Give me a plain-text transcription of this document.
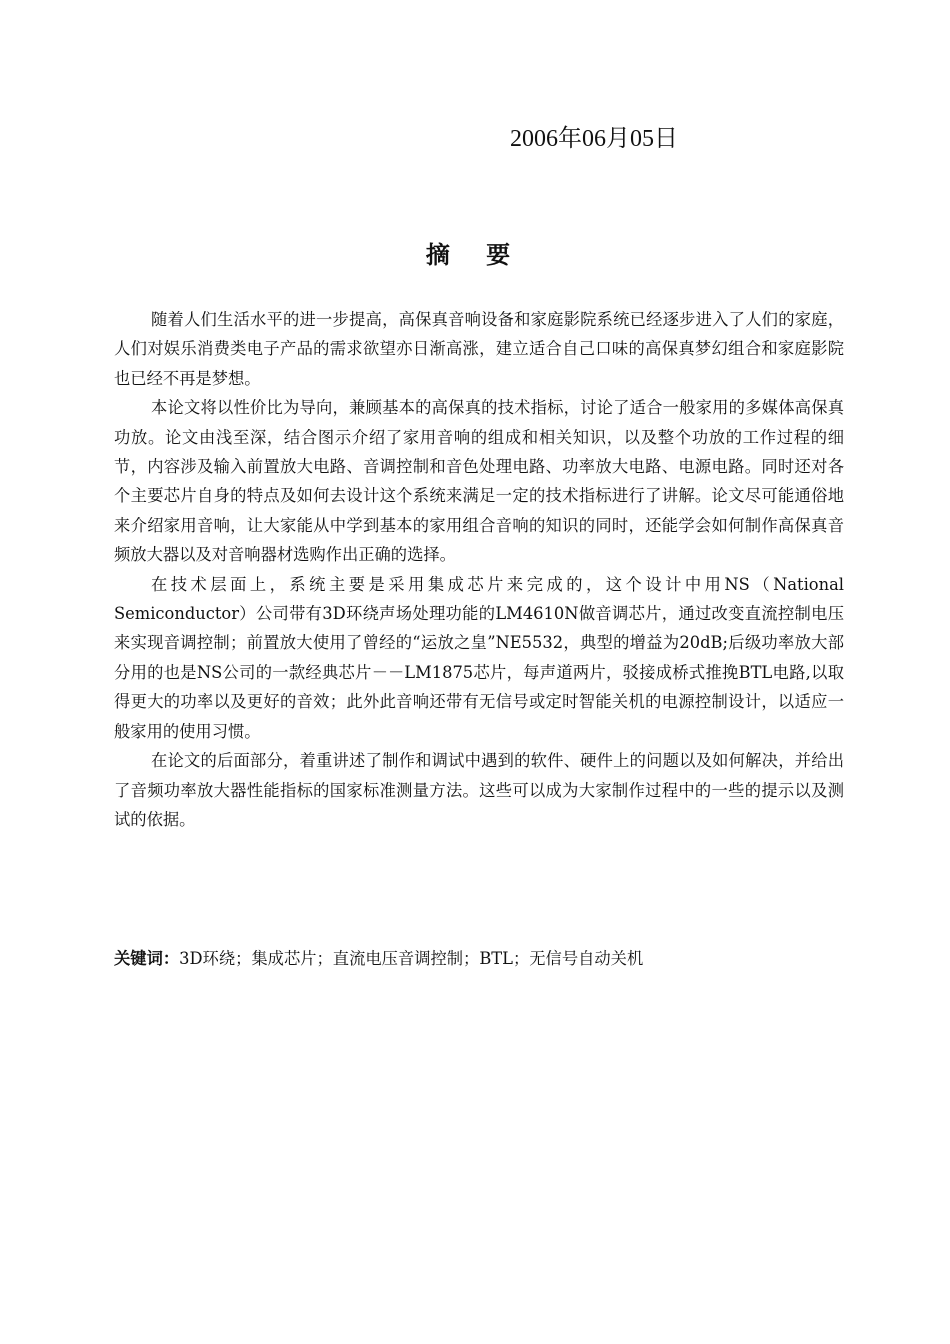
2006年06月05日
摘 要

随着人们生活水平的进一步提高，高保真音响设备和家庭影院系统已经逐步进入了人们的家庭，人们对娱乐消费类电子产品的需求欲望亦日渐高涨，建立适合自己口味的高保真梦幻组合和家庭影院也已经不再是梦想。

本论文将以性价比为导向，兼顾基本的高保真的技术指标，讨论了适合一般家用的多媒体高保真功放。论文由浅至深，结合图示介绍了家用音响的组成和相关知识，以及整个功放的工作过程的细节，内容涉及输入前置放大电路、音调控制和音色处理电路、功率放大电路、电源电路。同时还对各个主要芯片自身的特点及如何去设计这个系统来满足一定的技术指标进行了讲解。论文尽可能通俗地来介绍家用音响，让大家能从中学到基本的家用组合音响的知识的同时，还能学会如何制作高保真音频放大器以及对音响器材选购作出正确的选择。

在技术层面上，系统主要是采用集成芯片来完成的，这个设计中用NS（National Semiconductor）公司带有3D环绕声场处理功能的LM4610N做音调芯片，通过改变直流控制电压来实现音调控制；前置放大使用了曾经的“运放之皇”NE5532，典型的增益为20dB;后级功率放大部分用的也是NS公司的一款经典芯片－－LM1875芯片，每声道两片，驳接成桥式推挽BTL电路,以取得更大的功率以及更好的音效；此外此音响还带有无信号或定时智能关机的电源控制设计，以适应一般家用的使用习惯。

在论文的后面部分，着重讲述了制作和调试中遇到的软件、硬件上的问题以及如何解决，并给出了音频功率放大器性能指标的国家标准测量方法。这些可以成为大家制作过程中的一些的提示以及测试的依据。

关键词：3D环绕；集成芯片；直流电压音调控制；BTL；无信号自动关机
